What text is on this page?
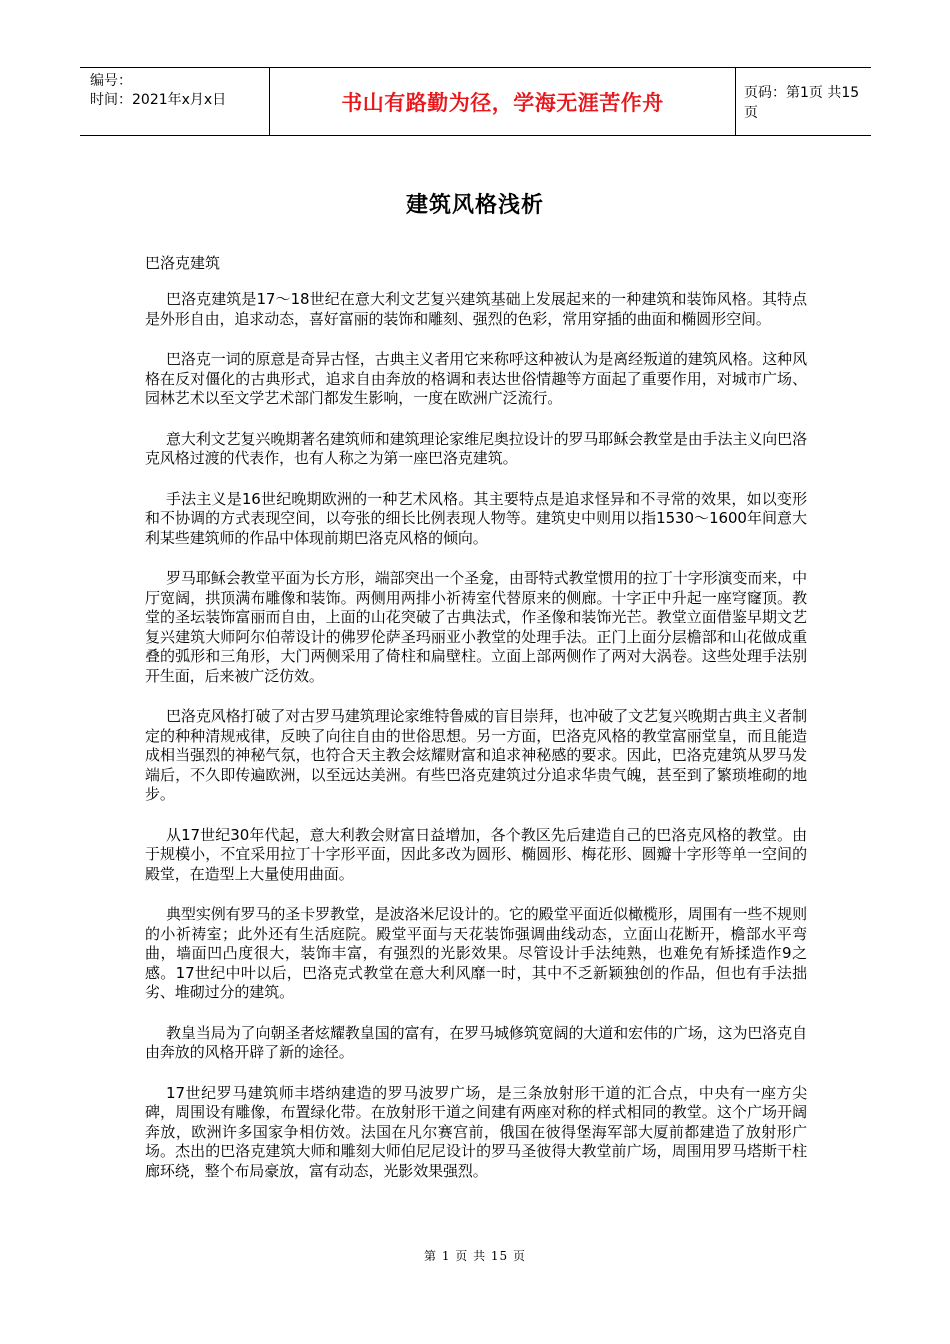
编号：
时间：2021年x月x日	书山有路勤为径，学海无涯苦作舟	页码：第1页 共15页
建筑风格浅析
巴洛克建筑

巴洛克建筑是17～18世纪在意大利文艺复兴建筑基础上发展起来的一种建筑和装饰风格。其特点是外形自由，追求动态，喜好富丽的装饰和雕刻、强烈的色彩，常用穿插的曲面和椭圆形空间。

巴洛克一词的原意是奇异古怪，古典主义者用它来称呼这种被认为是离经叛道的建筑风格。这种风格在反对僵化的古典形式，追求自由奔放的格调和表达世俗情趣等方面起了重要作用，对城市广场、园林艺术以至文学艺术部门都发生影响，一度在欧洲广泛流行。

意大利文艺复兴晚期著名建筑师和建筑理论家维尼奥拉设计的罗马耶稣会教堂是由手法主义向巴洛克风格过渡的代表作，也有人称之为第一座巴洛克建筑。

手法主义是16世纪晚期欧洲的一种艺术风格。其主要特点是追求怪异和不寻常的效果，如以变形和不协调的方式表现空间，以夸张的细长比例表现人物等。建筑史中则用以指1530～1600年间意大利某些建筑师的作品中体现前期巴洛克风格的倾向。

罗马耶稣会教堂平面为长方形，端部突出一个圣龛，由哥特式教堂惯用的拉丁十字形演变而来，中厅宽阔，拱顶满布雕像和装饰。两侧用两排小祈祷室代替原来的侧廊。十字正中升起一座穹窿顶。教堂的圣坛装饰富丽而自由，上面的山花突破了古典法式，作圣像和装饰光芒。教堂立面借鉴早期文艺复兴建筑大师阿尔伯蒂设计的佛罗伦萨圣玛丽亚小教堂的处理手法。正门上面分层檐部和山花做成重叠的弧形和三角形，大门两侧采用了倚柱和扁壁柱。立面上部两侧作了两对大涡卷。这些处理手法别开生面，后来被广泛仿效。

巴洛克风格打破了对古罗马建筑理论家维特鲁威的盲目崇拜，也冲破了文艺复兴晚期古典主义者制定的种种清规戒律，反映了向往自由的世俗思想。另一方面，巴洛克风格的教堂富丽堂皇，而且能造成相当强烈的神秘气氛，也符合天主教会炫耀财富和追求神秘感的要求。因此，巴洛克建筑从罗马发端后，不久即传遍欧洲，以至远达美洲。有些巴洛克建筑过分追求华贵气魄，甚至到了繁琐堆砌的地步。

从17世纪30年代起，意大利教会财富日益增加，各个教区先后建造自己的巴洛克风格的教堂。由于规模小，不宜采用拉丁十字形平面，因此多改为圆形、椭圆形、梅花形、圆瓣十字形等单一空间的殿堂，在造型上大量使用曲面。

典型实例有罗马的圣卡罗教堂，是波洛米尼设计的。它的殿堂平面近似橄榄形，周围有一些不规则的小祈祷室；此外还有生活庭院。殿堂平面与天花装饰强调曲线动态，立面山花断开，檐部水平弯曲，墙面凹凸度很大，装饰丰富，有强烈的光影效果。尽管设计手法纯熟，也难免有矫揉造作9之感。17世纪中叶以后，巴洛克式教堂在意大利风靡一时，其中不乏新颖独创的作品，但也有手法拙劣、堆砌过分的建筑。

教皇当局为了向朝圣者炫耀教皇国的富有，在罗马城修筑宽阔的大道和宏伟的广场，这为巴洛克自由奔放的风格开辟了新的途径。

17世纪罗马建筑师丰塔纳建造的罗马波罗广场，是三条放射形干道的汇合点，中央有一座方尖碑，周围设有雕像，布置绿化带。在放射形干道之间建有两座对称的样式相同的教堂。这个广场开阔奔放，欧洲许多国家争相仿效。法国在凡尔赛宫前，俄国在彼得堡海军部大厦前都建造了放射形广场。杰出的巴洛克建筑大师和雕刻大师伯尼尼设计的罗马圣彼得大教堂前广场，周围用罗马塔斯干柱廊环绕，整个布局豪放，富有动态，光影效果强烈。

第 1 页 共 15 页
